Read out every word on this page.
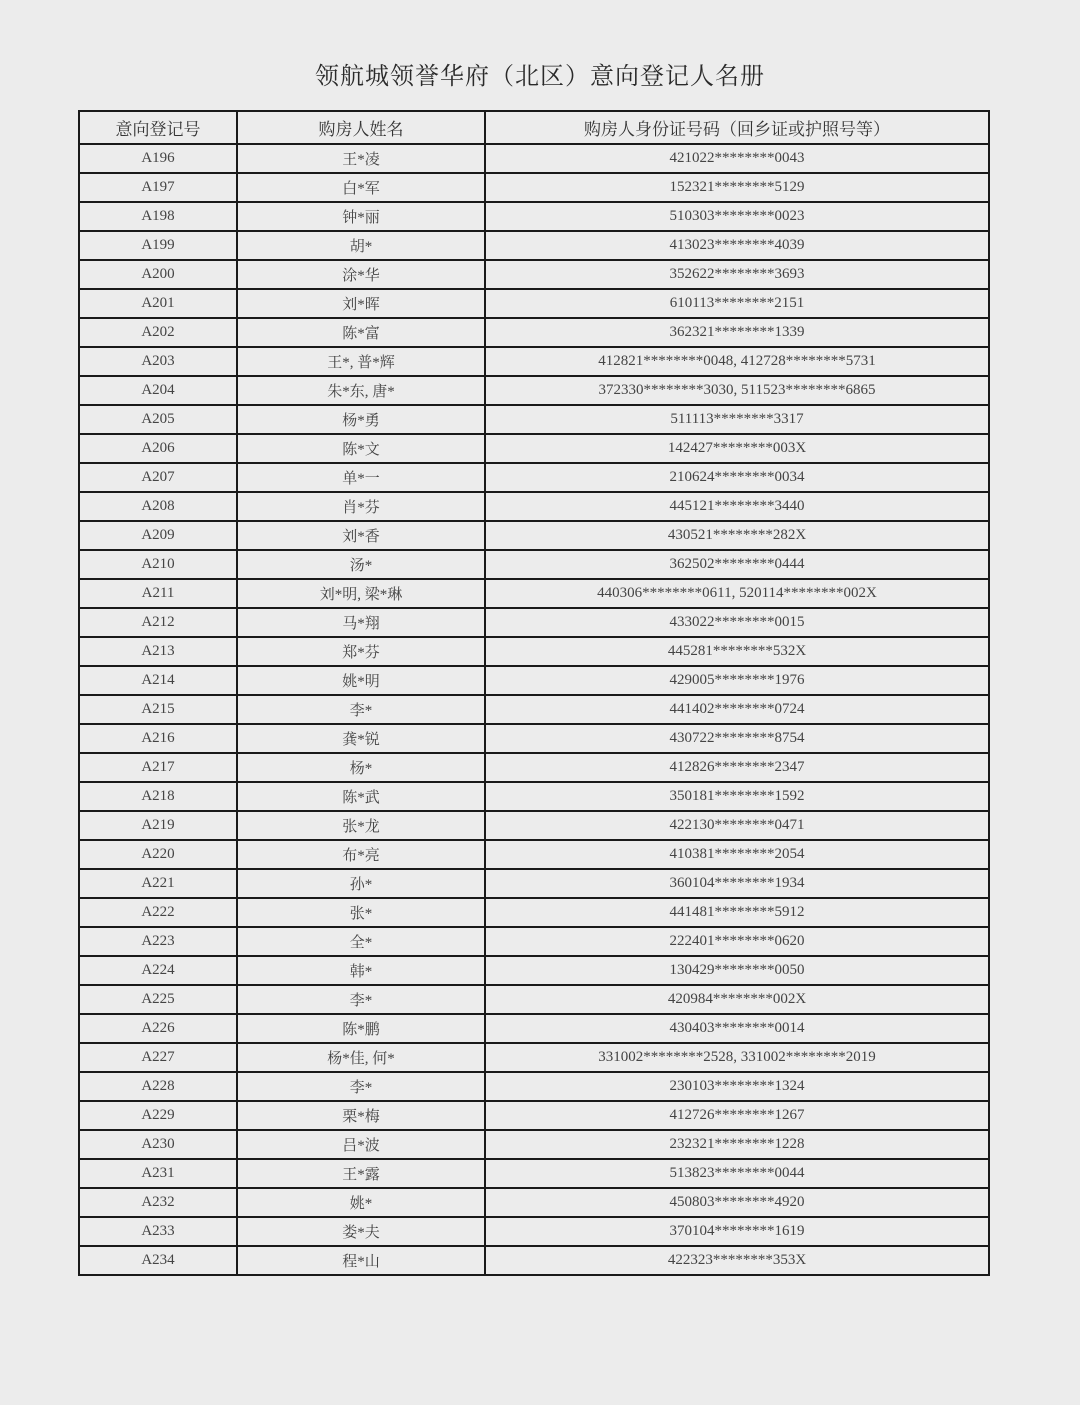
领航城领誉华府（北区）意向登记人名册
意向登记号	购房人姓名	购房人身份证号码（回乡证或护照号等）
A196	王*凌	421022********0043
A197	白*军	152321********5129
A198	钟*丽	510303********0023
A199	胡*	413023********4039
A200	涂*华	352622********3693
A201	刘*晖	610113********2151
A202	陈*富	362321********1339
A203	王*, 普*辉	412821********0048, 412728********5731
A204	朱*东, 唐*	372330********3030, 511523********6865
A205	杨*勇	511113********3317
A206	陈*文	142427********003X
A207	单*一	210624********0034
A208	肖*芬	445121********3440
A209	刘*香	430521********282X
A210	汤*	362502********0444
A211	刘*明, 梁*琳	440306********0611, 520114********002X
A212	马*翔	433022********0015
A213	郑*芬	445281********532X
A214	姚*明	429005********1976
A215	李*	441402********0724
A216	龚*锐	430722********8754
A217	杨*	412826********2347
A218	陈*武	350181********1592
A219	张*龙	422130********0471
A220	布*亮	410381********2054
A221	孙*	360104********1934
A222	张*	441481********5912
A223	全*	222401********0620
A224	韩*	130429********0050
A225	李*	420984********002X
A226	陈*鹏	430403********0014
A227	杨*佳, 何*	331002********2528, 331002********2019
A228	李*	230103********1324
A229	栗*梅	412726********1267
A230	吕*波	232321********1228
A231	王*露	513823********0044
A232	姚*	450803********4920
A233	娄*夫	370104********1619
A234	程*山	422323********353X
